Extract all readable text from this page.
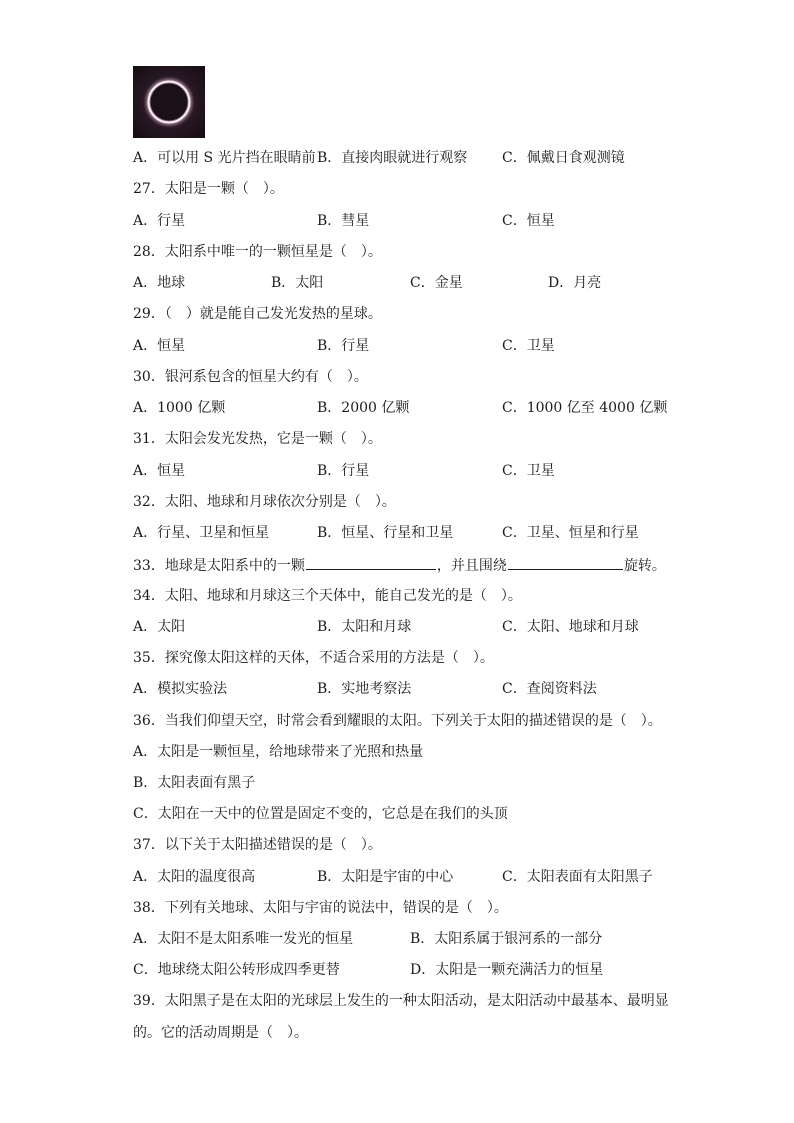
A．可以用 S 光片挡在眼睛前 B．直接肉眼就进行观察 C．佩戴日食观测镜
27．太阳是一颗（　）。
A．行星	B．彗星	C．恒星
28．太阳系中唯一的一颗恒星是（　）。
A．地球	B．太阳	C．金星	D．月亮
29．（　）就是能自己发光发热的星球。
A．恒星	B．行星	C．卫星
30．银河系包含的恒星大约有（　）。
A．1000 亿颗	B．2000 亿颗	C．1000 亿至 4000 亿颗
31．太阳会发光发热，它是一颗（　）。
A．恒星	B．行星	C．卫星
32．太阳、地球和月球依次分别是（　）。
A．行星、卫星和恒星	B．恒星、行星和卫星	C．卫星、恒星和行星
33．地球是太阳系中的一颗	，并且围绕	旋转。
34．太阳、地球和月球这三个天体中，能自己发光的是（　）。
A．太阳	B．太阳和月球	C．太阳、地球和月球
35．探究像太阳这样的天体，不适合采用的方法是（　）。
A．模拟实验法	B．实地考察法	C．查阅资料法
36．当我们仰望天空，时常会看到耀眼的太阳。下列关于太阳的描述错误的是（　）。
A．太阳是一颗恒星，给地球带来了光照和热量
B．太阳表面有黑子
C．太阳在一天中的位置是固定不变的，它总是在我们的头顶
37．以下关于太阳描述错误的是（　）。
A．太阳的温度很高	B．太阳是宇宙的中心	C．太阳表面有太阳黑子
38．下列有关地球、太阳与宇宙的说法中，错误的是（　）。
A．太阳不是太阳系唯一发光的恒星	B．太阳系属于银河系的一部分
C．地球绕太阳公转形成四季更替	D．太阳是一颗充满活力的恒星
39．太阳黑子是在太阳的光球层上发生的一种太阳活动，是太阳活动中最基本、最明显
的。它的活动周期是（　）。
